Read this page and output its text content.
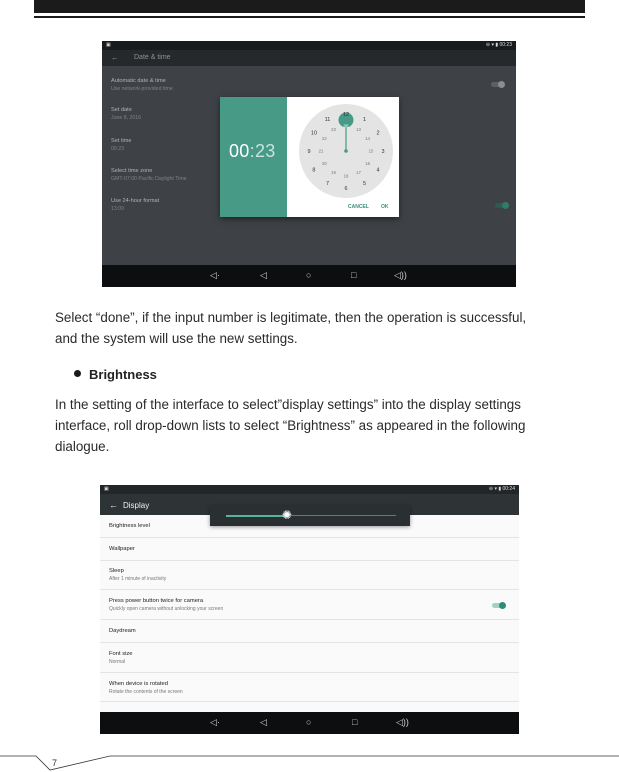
▣	⊖ ▾ ▮ 00:23
← Date & time
Automatic date & time
Use network-provided time
Set date
June 8, 2016
Set time
00:23
Select time zone
GMT-07:00 Pacific Daylight Time
Use 24-hour format
13:00
00:23
12
1
2
3
4
5
6
7
8
9
10
11
00
13
14
15
16
17
18
19
20
21
22
23
CANCEL OK
◁·	◁	○	□	◁))
Select “done”, if the input number is legitimate, then the operation is successful,
and the system will use the new settings.
Brightness
In the setting of the interface to select”display settings” into the display settings
interface, roll drop-down lists to select “Brightness” as appeared in the following
dialogue.
▣	⊖ ▾ ▮ 00:24
← Display
Brightness level
Wallpaper
Sleep
After 1 minute of inactivity
Press power button twice for camera
Quickly open camera without unlocking your screen
Daydream
Font size
Normal
When device is rotated
Rotate the contents of the screen
✺
◁·	◁	○	□	◁))
7
